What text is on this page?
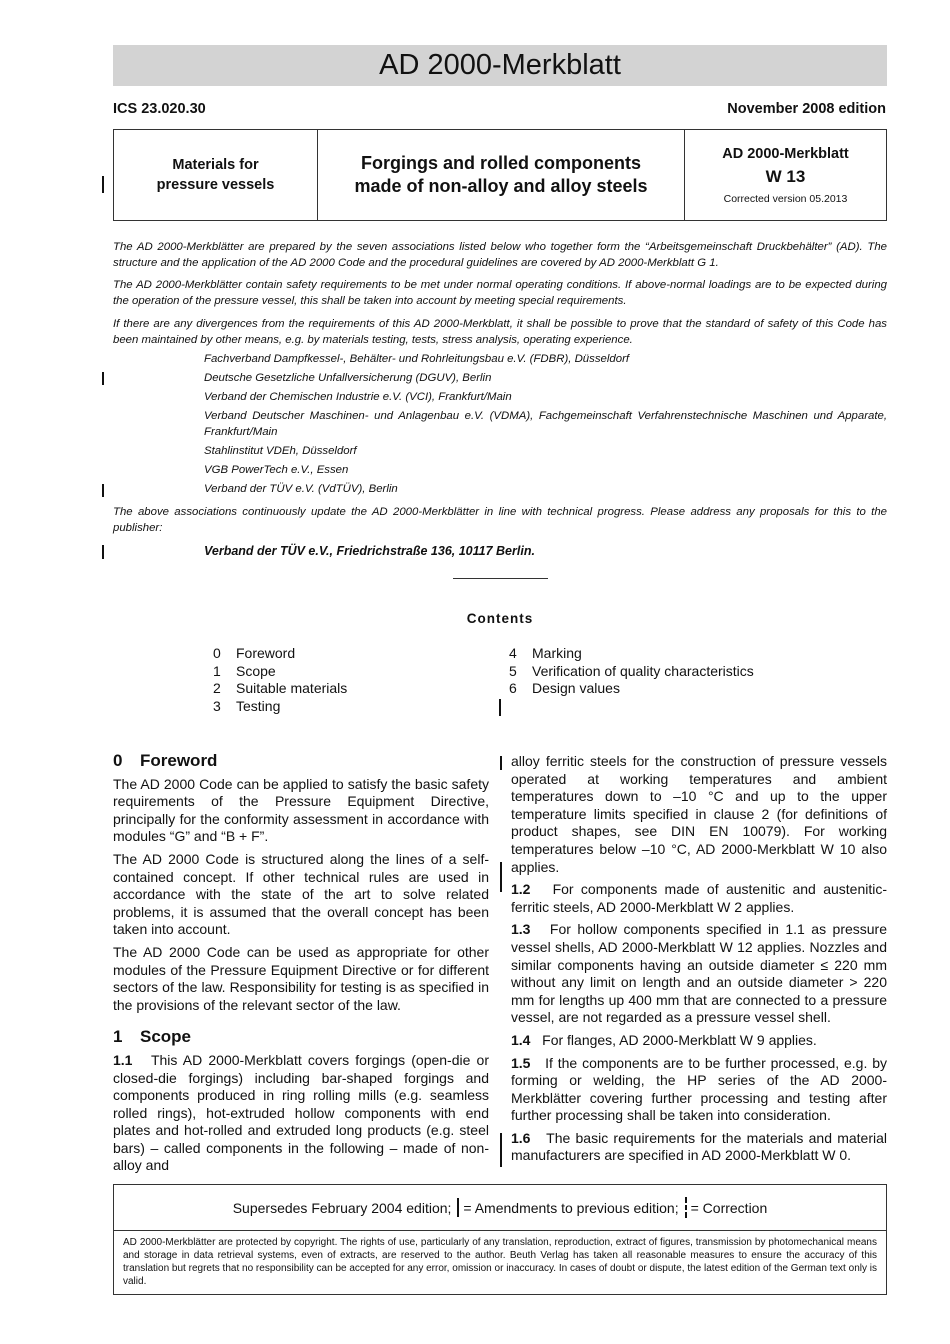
AD 2000-Merkblatt
ICS 23.020.30	November 2008 edition
Materials for
pressure vessels
Forgings and rolled components
made of non-alloy and alloy steels
AD 2000-Merkblatt
W 13
Corrected version 05.2013
The AD 2000-Merkblätter are prepared by the seven associations listed below who together form the “Arbeitsgemeinschaft Druckbehälter” (AD). The structure and the application of the AD 2000 Code and the procedural guidelines are covered by AD 2000-Merkblatt G 1.
The AD 2000-Merkblätter contain safety requirements to be met under normal operating conditions. If above-normal loadings are to be expected during the operation of the pressure vessel, this shall be taken into account by meeting special requirements.
If there are any divergences from the requirements of this AD 2000-Merkblatt, it shall be possible to prove that the standard of safety of this Code has been maintained by other means, e.g. by materials testing, tests, stress analysis, operating experience.
Fachverband Dampfkessel-, Behälter- und Rohrleitungsbau e.V. (FDBR), Düsseldorf
Deutsche Gesetzliche Unfallversicherung (DGUV), Berlin
Verband der Chemischen Industrie e.V. (VCI), Frankfurt/Main
Verband Deutscher Maschinen- und Anlagenbau e.V. (VDMA), Fachgemeinschaft Verfahrenstechnische Maschinen und Apparate, Frankfurt/Main
Stahlinstitut VDEh, Düsseldorf
VGB PowerTech e.V., Essen
Verband der TÜV e.V. (VdTÜV), Berlin
The above associations continuously update the AD 2000-Merkblätter in line with technical progress. Please address any proposals for this to the publisher:
Verband der TÜV e.V., Friedrichstraße 136, 10117 Berlin.
Contents
0 Foreword
1 Scope
2 Suitable materials
3 Testing
4 Marking
5 Verification of quality characteristics
6 Design values
0 Foreword

The AD 2000 Code can be applied to satisfy the basic safety requirements of the Pressure Equipment Directive, principally for the conformity assessment in accordance with modules “G” and “B + F”.

The AD 2000 Code is structured along the lines of a self-contained concept. If other technical rules are used in accordance with the state of the art to solve related problems, it is assumed that the overall concept has been taken into account.

The AD 2000 Code can be used as appropriate for other modules of the Pressure Equipment Directive or for different sectors of the law. Responsibility for testing is as specified in the provisions of the relevant sector of the law.

1 Scope

1.1 This AD 2000-Merkblatt covers forgings (open-die or closed-die forgings) including bar-shaped forgings and components produced in ring rolling mills (e.g. seamless rolled rings), hot-extruded hollow components with end plates and hot-rolled and extruded long products (e.g. steel bars) – called components in the following – made of non-alloy and

alloy ferritic steels for the construction of pressure vessels operated at working temperatures and ambient temperatures down to –10 °C and up to the upper temperature limits specified in clause 2 (for definitions of product shapes, see DIN EN 10079). For working temperatures below –10 °C, AD 2000-Merkblatt W 10 also applies.

1.2 For components made of austenitic and austenitic-ferritic steels, AD 2000-Merkblatt W 2 applies.

1.3 For hollow components specified in 1.1 as pressure vessel shells, AD 2000-Merkblatt W 12 applies. Nozzles and similar components having an outside diameter ≤ 220 mm without any limit on length and an outside diameter > 220 mm for lengths up 400 mm that are connected to a pressure vessel, are not regarded as a pressure vessel shell.

1.4 For flanges, AD 2000-Merkblatt W 9 applies.

1.5 If the components are to be further processed, e.g. by forming or welding, the HP series of the AD 2000-Merkblätter covering further processing and testing after further processing shall be taken into consideration.

1.6 The basic requirements for the materials and material manufacturers are specified in AD 2000-Merkblatt W 0.

Supersedes February 2004 edition; = Amendments to previous edition; = Correction
AD 2000-Merkblätter are protected by copyright. The rights of use, particularly of any translation, reproduction, extract of figures, transmission by photomechanical means and storage in data retrieval systems, even of extracts, are reserved to the author. Beuth Verlag has taken all reasonable measures to ensure the accuracy of this translation but regrets that no responsibility can be accepted for any error, omission or inaccuracy. In cases of doubt or dispute, the latest edition of the German text only is valid.
